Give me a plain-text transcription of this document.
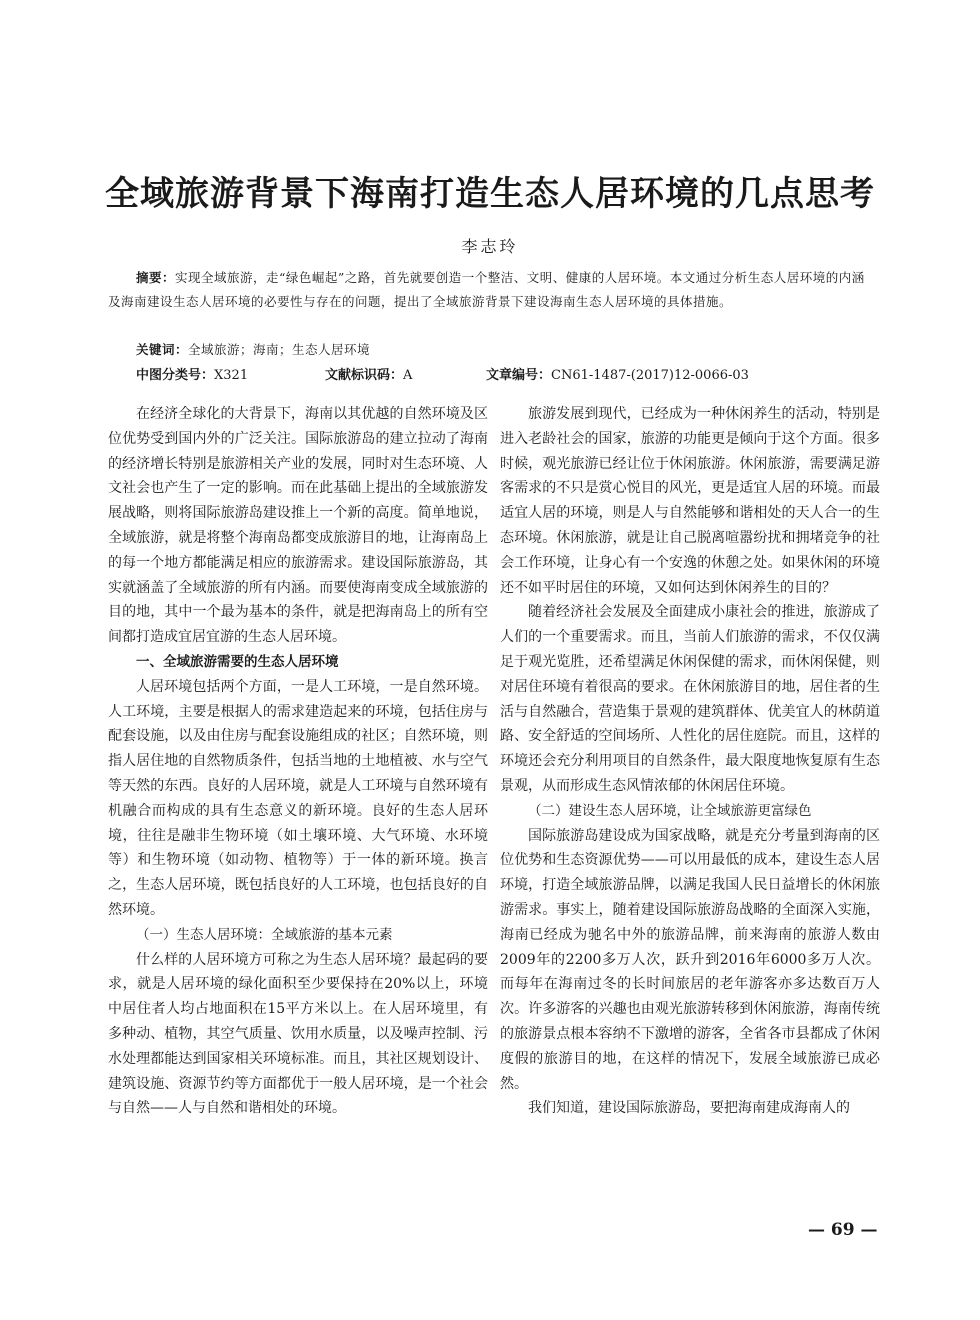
全域旅游背景下海南打造生态人居环境的几点思考
李志玲

摘要：实现全域旅游，走“绿色崛起”之路，首先就要创造一个整洁、文明、健康的人居环境。本文通过分析生态人居环境的内涵及海南建设生态人居环境的必要性与存在的问题，提出了全域旅游背景下建设海南生态人居环境的具体措施。

关键词：全域旅游；海南；生态人居环境
中图分类号：X321	文献标识码：A	文章编号：CN61-1487-(2017)12-0066-03

在经济全球化的大背景下，海南以其优越的自然环境及区位优势受到国内外的广泛关注。国际旅游岛的建立拉动了海南的经济增长特别是旅游相关产业的发展，同时对生态环境、人文社会也产生了一定的影响。而在此基础上提出的全域旅游发展战略，则将国际旅游岛建设推上一个新的高度。简单地说，全域旅游，就是将整个海南岛都变成旅游目的地，让海南岛上的每一个地方都能满足相应的旅游需求。建设国际旅游岛，其实就涵盖了全域旅游的所有内涵。而要使海南变成全域旅游的目的地，其中一个最为基本的条件，就是把海南岛上的所有空间都打造成宜居宜游的生态人居环境。

一、全域旅游需要的生态人居环境

人居环境包括两个方面，一是人工环境，一是自然环境。人工环境，主要是根据人的需求建造起来的环境，包括住房与配套设施，以及由住房与配套设施组成的社区；自然环境，则指人居住地的自然物质条件，包括当地的土地植被、水与空气等天然的东西。良好的人居环境，就是人工环境与自然环境有机融合而构成的具有生态意义的新环境。良好的生态人居环境，往往是融非生物环境（如土壤环境、大气环境、水环境等）和生物环境（如动物、植物等）于一体的新环境。换言之，生态人居环境，既包括良好的人工环境，也包括良好的自然环境。

（一）生态人居环境：全域旅游的基本元素

什么样的人居环境方可称之为生态人居环境？最起码的要求，就是人居环境的绿化面积至少要保持在20%以上，环境中居住者人均占地面积在15平方米以上。在人居环境里，有多种动、植物，其空气质量、饮用水质量，以及噪声控制、污水处理都能达到国家相关环境标准。而且，其社区规划设计、建筑设施、资源节约等方面都优于一般人居环境，是一个社会与自然——人与自然和谐相处的环境。

旅游发展到现代，已经成为一种休闲养生的活动，特别是进入老龄社会的国家，旅游的功能更是倾向于这个方面。很多时候，观光旅游已经让位于休闲旅游。休闲旅游，需要满足游客需求的不只是赏心悦目的风光，更是适宜人居的环境。而最适宜人居的环境，则是人与自然能够和谐相处的天人合一的生态环境。休闲旅游，就是让自己脱离喧嚣纷扰和拥堵竞争的社会工作环境，让身心有一个安逸的休憩之处。如果休闲的环境还不如平时居住的环境，又如何达到休闲养生的目的？

随着经济社会发展及全面建成小康社会的推进，旅游成了人们的一个重要需求。而且，当前人们旅游的需求，不仅仅满足于观光览胜，还希望满足休闲保健的需求，而休闲保健，则对居住环境有着很高的要求。在休闲旅游目的地，居住者的生活与自然融合，营造集于景观的建筑群体、优美宜人的林荫道路、安全舒适的空间场所、人性化的居住庭院。而且，这样的环境还会充分利用项目的自然条件，最大限度地恢复原有生态景观，从而形成生态风情浓郁的休闲居住环境。

（二）建设生态人居环境，让全域旅游更富绿色

国际旅游岛建设成为国家战略，就是充分考量到海南的区位优势和生态资源优势——可以用最低的成本，建设生态人居环境，打造全域旅游品牌，以满足我国人民日益增长的休闲旅游需求。事实上，随着建设国际旅游岛战略的全面深入实施，海南已经成为驰名中外的旅游品牌，前来海南的旅游人数由2009年的2200多万人次，跃升到2016年6000多万人次。而每年在海南过冬的长时间旅居的老年游客亦多达数百万人次。许多游客的兴趣也由观光旅游转移到休闲旅游，海南传统的旅游景点根本容纳不下激增的游客，全省各市县都成了休闲度假的旅游目的地，在这样的情况下，发展全域旅游已成必然。

我们知道，建设国际旅游岛，要把海南建成海南人的

— 69 —
